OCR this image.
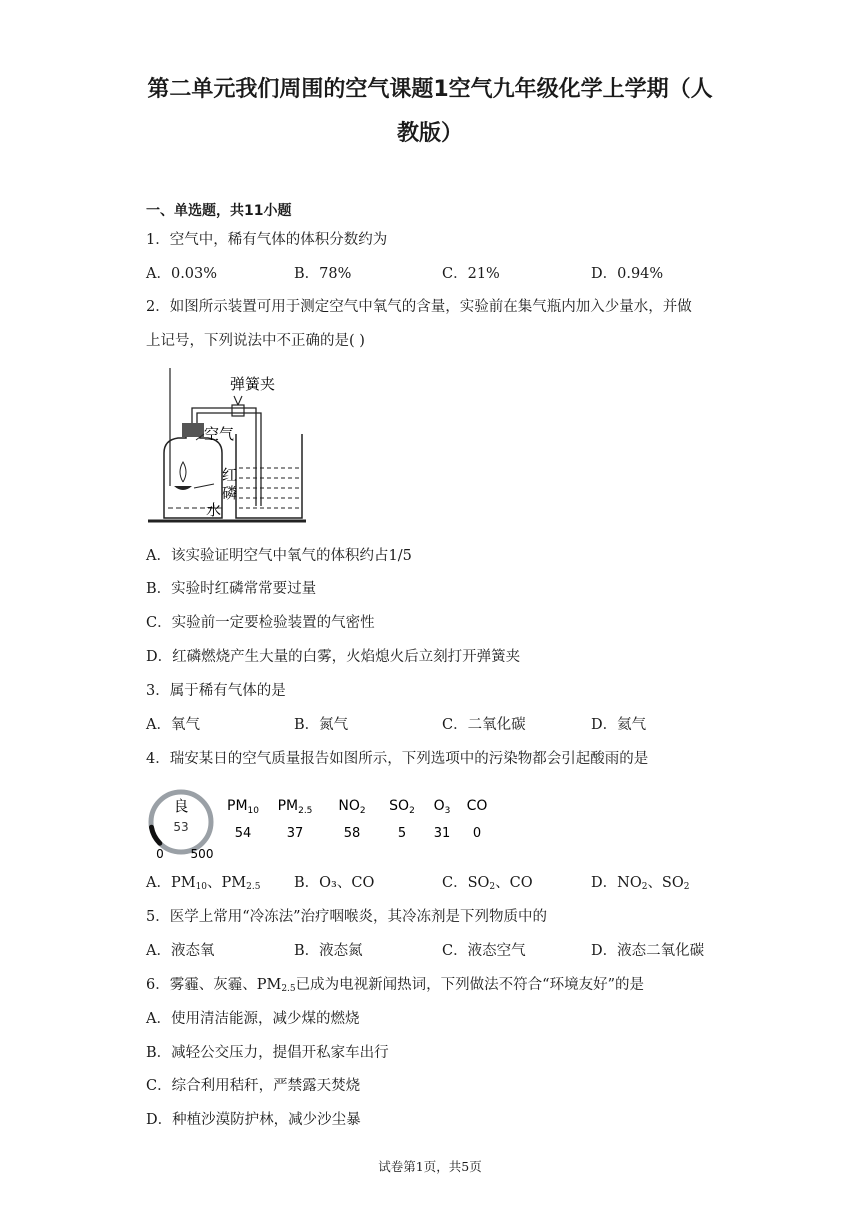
第二单元我们周围的空气课题1空气九年级化学上学期（人
教版）
一、单选题，共11小题
1．空气中，稀有气体的体积分数约为
A．0.03%	B．78%	C．21%	D．0.94%
2．如图所示装置可用于测定空气中氧气的含量，实验前在集气瓶内加入少量水，并做
上记号，下列说法中不正确的是( )
弹簧夹
空气
红
磷
水
A．该实验证明空气中氧气的体积约占1/5
B．实验时红磷常常要过量
C．实验前一定要检验装置的气密性
D．红磷燃烧产生大量的白雾，火焰熄火后立刻打开弹簧夹
3．属于稀有气体的是
A．氧气	B．氮气	C．二氧化碳	D．氦气
4．瑞安某日的空气质量报告如图所示，下列选项中的污染物都会引起酸雨的是
良
53
0 500
$PM_{10}$
54
$PM_{2.5}$
37
$NO_2$
58
$SO_2$
5
$O_3$
31
CO
0
A．$PM_{10}$、$PM_{2.5}$ B．O₃、CO	C．$SO_2$、CO	D．$NO_2$、$SO_2$
5．医学上常用“冷冻法”治疗咽喉炎，其冷冻剂是下列物质中的
A．液态氧	B．液态氮	C．液态空气	D．液态二氧化碳
6．雾霾、灰霾、$PM_{2.5}$已成为电视新闻热词，下列做法不符合“环境友好”的是
A．使用清洁能源，减少煤的燃烧
B．减轻公交压力，提倡开私家车出行
C．综合利用秸秆，严禁露天焚烧
D．种植沙漠防护林，减少沙尘暴
试卷第1页，共5页
